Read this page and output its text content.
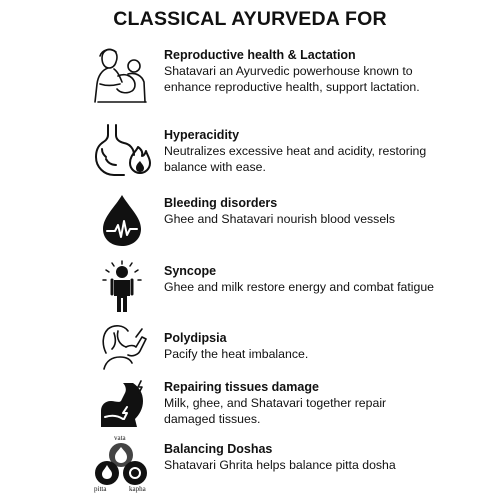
CLASSICAL AYURVEDA FOR
Reproductive health & Lactation

Shatavari an Ayurvedic powerhouse known to enhance reproductive health, support lactation.

Hyperacidity

Neutralizes excessive heat and acidity, restoring balance with ease.

Bleeding disorders

Ghee and Shatavari nourish blood vessels

Syncope

Ghee and milk restore energy and combat fatigue

Polydipsia

Pacify the heat imbalance.

Repairing tissues damage

Milk, ghee, and Shatavari together repair damaged tissues.

vata
pitta	kapha
Balancing Doshas

Shatavari Ghrita helps balance pitta dosha
